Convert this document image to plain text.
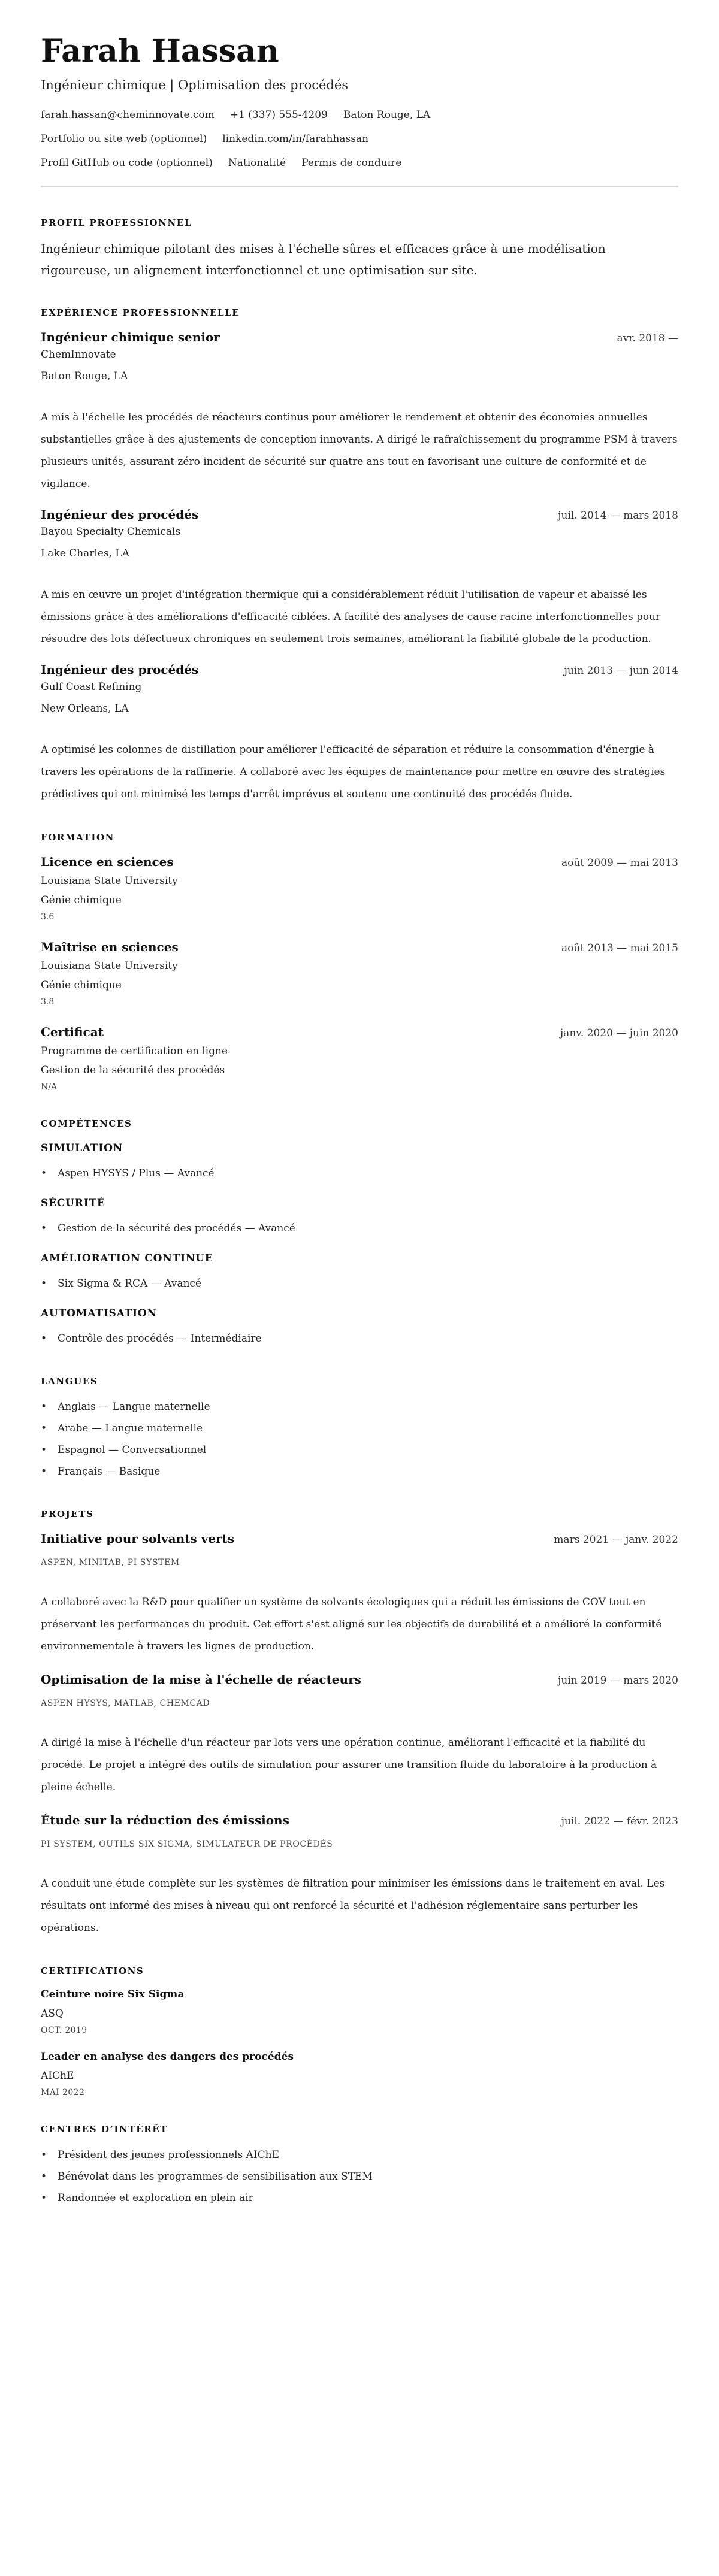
Farah Hassan
Ingénieur chimique | Optimisation des procédés
farah.hassan@cheminnovate.com +1 (337) 555-4209 Baton Rouge, LA
Portfolio ou site web (optionnel) linkedin.com/in/farahhassan
Profil GitHub ou code (optionnel) Nationalité Permis de conduire
PROFIL PROFESSIONNEL

Ingénieur chimique pilotant des mises à l'échelle sûres et efficaces grâce à une modélisation rigoureuse, un alignement interfonctionnel et une optimisation sur site.

EXPÉRIENCE PROFESSIONNELLE
Ingénieur chimique senior	avr. 2018 —
ChemInnovate
Baton Rouge, LA

A mis à l'échelle les procédés de réacteurs continus pour améliorer le rendement et obtenir des économies annuelles substantielles grâce à des ajustements de conception innovants. A dirigé le rafraîchissement du programme PSM à travers plusieurs unités, assurant zéro incident de sécurité sur quatre ans tout en favorisant une culture de conformité et de vigilance.

Ingénieur des procédés	juil. 2014 — mars 2018
Bayou Specialty Chemicals
Lake Charles, LA

A mis en œuvre un projet d'intégration thermique qui a considérablement réduit l'utilisation de vapeur et abaissé les émissions grâce à des améliorations d'efficacité ciblées. A facilité des analyses de cause racine interfonctionnelles pour résoudre des lots défectueux chroniques en seulement trois semaines, améliorant la fiabilité globale de la production.

Ingénieur des procédés	juin 2013 — juin 2014
Gulf Coast Refining
New Orleans, LA

A optimisé les colonnes de distillation pour améliorer l'efficacité de séparation et réduire la consommation d'énergie à travers les opérations de la raffinerie. A collaboré avec les équipes de maintenance pour mettre en œuvre des stratégies prédictives qui ont minimisé les temps d'arrêt imprévus et soutenu une continuité des procédés fluide.

FORMATION
Licence en sciences	août 2009 — mai 2013
Louisiana State University
Génie chimique
3.6
Maîtrise en sciences	août 2013 — mai 2015
Louisiana State University
Génie chimique
3.8
Certificat	janv. 2020 — juin 2020
Programme de certification en ligne
Gestion de la sécurité des procédés
N/A
COMPÉTENCES
SIMULATION
• Aspen HYSYS / Plus — Avancé
SÉCURITÉ
• Gestion de la sécurité des procédés — Avancé
AMÉLIORATION CONTINUE
• Six Sigma & RCA — Avancé
AUTOMATISATION
• Contrôle des procédés — Intermédiaire
LANGUES
• Anglais — Langue maternelle
• Arabe — Langue maternelle
• Espagnol — Conversationnel
• Français — Basique
PROJETS
Initiative pour solvants verts	mars 2021 — janv. 2022
ASPEN, MINITAB, PI SYSTEM

A collaboré avec la R&D pour qualifier un système de solvants écologiques qui a réduit les émissions de COV tout en préservant les performances du produit. Cet effort s'est aligné sur les objectifs de durabilité et a amélioré la conformité environnementale à travers les lignes de production.

Optimisation de la mise à l'échelle de réacteurs	juin 2019 — mars 2020
ASPEN HYSYS, MATLAB, CHEMCAD

A dirigé la mise à l'échelle d'un réacteur par lots vers une opération continue, améliorant l'efficacité et la fiabilité du procédé. Le projet a intégré des outils de simulation pour assurer une transition fluide du laboratoire à la production à pleine échelle.

Étude sur la réduction des émissions	juil. 2022 — févr. 2023
PI SYSTEM, OUTILS SIX SIGMA, SIMULATEUR DE PROCÉDÉS

A conduit une étude complète sur les systèmes de filtration pour minimiser les émissions dans le traitement en aval. Les résultats ont informé des mises à niveau qui ont renforcé la sécurité et l'adhésion réglementaire sans perturber les opérations.

CERTIFICATIONS
Ceinture noire Six Sigma
ASQ
OCT. 2019
Leader en analyse des dangers des procédés
AIChE
MAI 2022
CENTRES D’INTÉRÊT
• Président des jeunes professionnels AIChE
• Bénévolat dans les programmes de sensibilisation aux STEM
• Randonnée et exploration en plein air
